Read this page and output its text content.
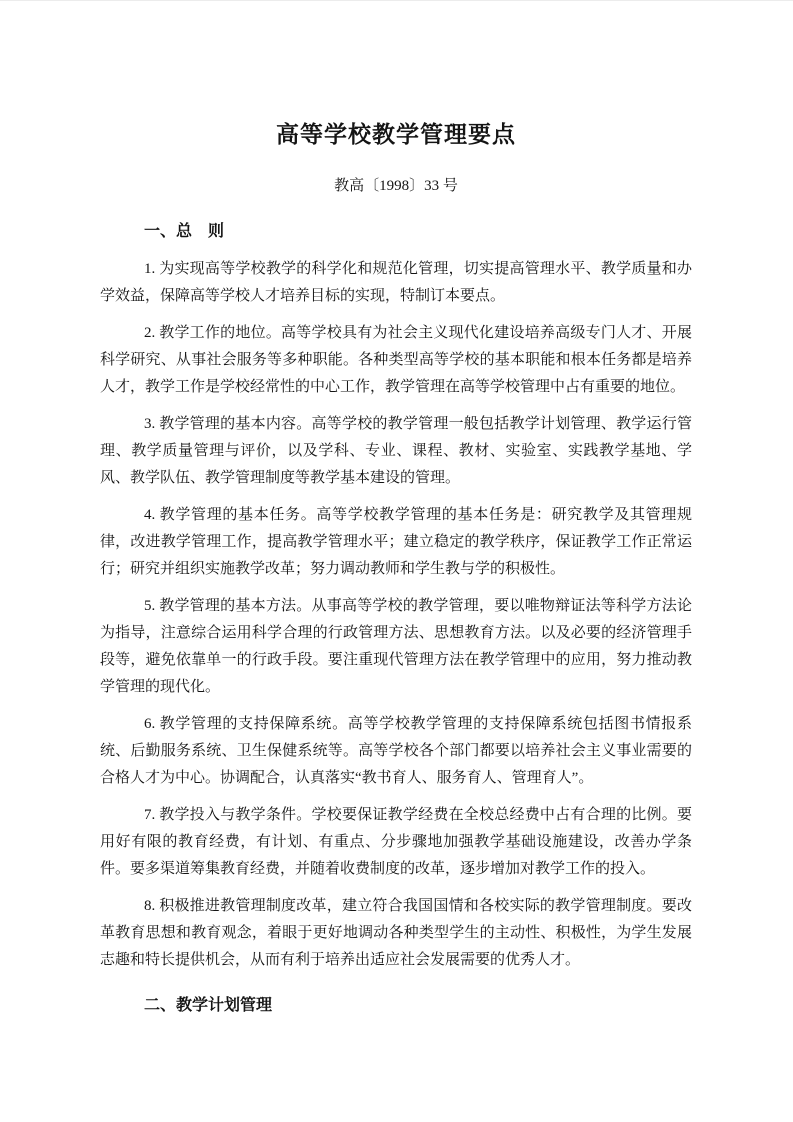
高等学校教学管理要点
教高〔1998〕33 号
一、总　则

1. 为实现高等学校教学的科学化和规范化管理，切实提高管理水平、教学质量和办学效益，保障高等学校人才培养目标的实现，特制订本要点。

2. 教学工作的地位。高等学校具有为社会主义现代化建设培养高级专门人才、开展科学研究、从事社会服务等多种职能。各种类型高等学校的基本职能和根本任务都是培养人才，教学工作是学校经常性的中心工作，教学管理在高等学校管理中占有重要的地位。

3. 教学管理的基本内容。高等学校的教学管理一般包括教学计划管理、教学运行管理、教学质量管理与评价，以及学科、专业、课程、教材、实验室、实践教学基地、学风、教学队伍、教学管理制度等教学基本建设的管理。

4. 教学管理的基本任务。高等学校教学管理的基本任务是：研究教学及其管理规律，改进教学管理工作，提高教学管理水平；建立稳定的教学秩序，保证教学工作正常运行；研究并组织实施教学改革；努力调动教师和学生教与学的积极性。

5. 教学管理的基本方法。从事高等学校的教学管理，要以唯物辩证法等科学方法论为指导，注意综合运用科学合理的行政管理方法、思想教育方法。以及必要的经济管理手段等，避免依靠单一的行政手段。要注重现代管理方法在教学管理中的应用，努力推动教学管理的现代化。

6. 教学管理的支持保障系统。高等学校教学管理的支持保障系统包括图书情报系统、后勤服务系统、卫生保健系统等。高等学校各个部门都要以培养社会主义事业需要的合格人才为中心。协调配合，认真落实“教书育人、服务育人、管理育人”。

7. 教学投入与教学条件。学校要保证教学经费在全校总经费中占有合理的比例。要用好有限的教育经费，有计划、有重点、分步骤地加强教学基础设施建设，改善办学条件。要多渠道筹集教育经费，并随着收费制度的改革，逐步增加对教学工作的投入。

8. 积极推进教管理制度改革，建立符合我国国情和各校实际的教学管理制度。要改革教育思想和教育观念，着眼于更好地调动各种类型学生的主动性、积极性，为学生发展志趣和特长提供机会，从而有利于培养出适应社会发展需要的优秀人才。

二、教学计划管理
